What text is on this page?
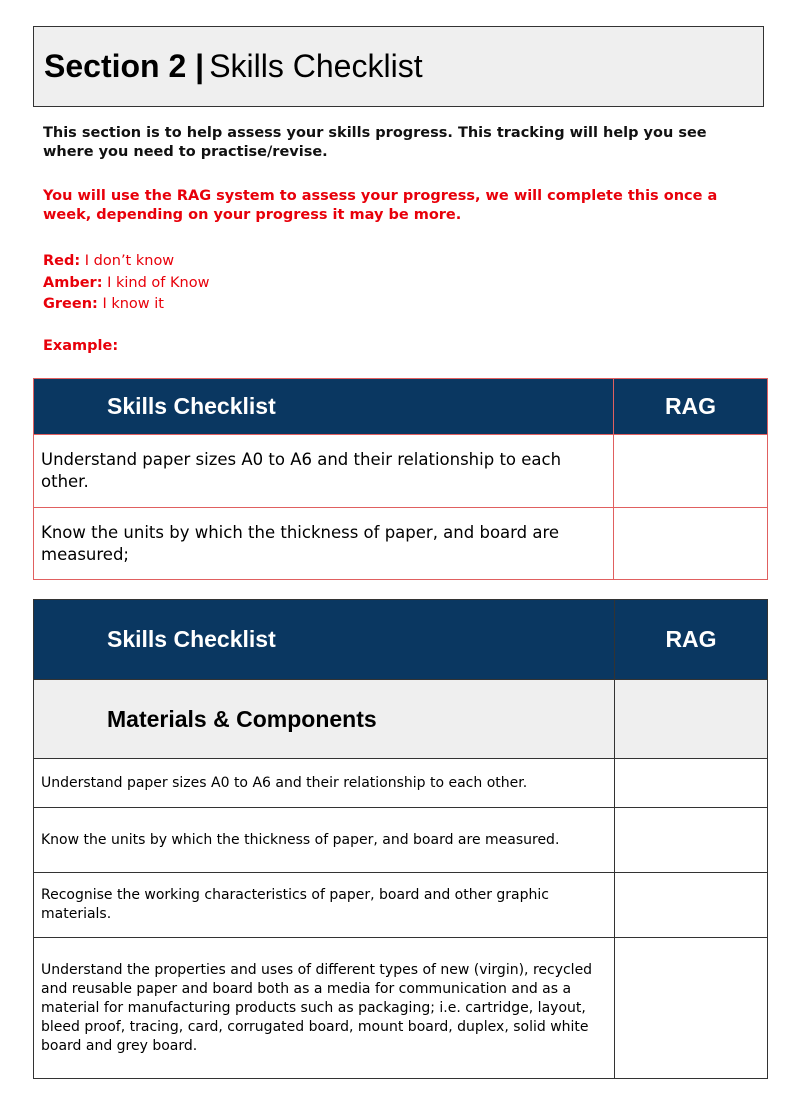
Section 2 |
Skills Checklist

This section is to help assess your skills progress. This tracking will help you see where you need to practise/revise.

You will use the RAG system to assess your progress, we will complete this once a week, depending on your progress it may be more.

Red: I don’t know
Amber: I kind of Know
Green: I know it
Example:
Skills Checklist	RAG
Understand paper sizes A0 to A6 and their relationship to each other.	
Know the units by which the thickness of paper, and board are measured;	
Skills Checklist	RAG
Materials & Components	
Understand paper sizes A0 to A6 and their relationship to each other.	
Know the units by which the thickness of paper, and board are measured.	
Recognise the working characteristics of paper, board and other graphic materials.	
Understand the properties and uses of different types of new (virgin), recycled and reusable paper and board both as a media for communication and as a material for manufacturing products such as packaging; i.e. cartridge, layout, bleed proof, tracing, card, corrugated board, mount board, duplex, solid white board and grey board.	
